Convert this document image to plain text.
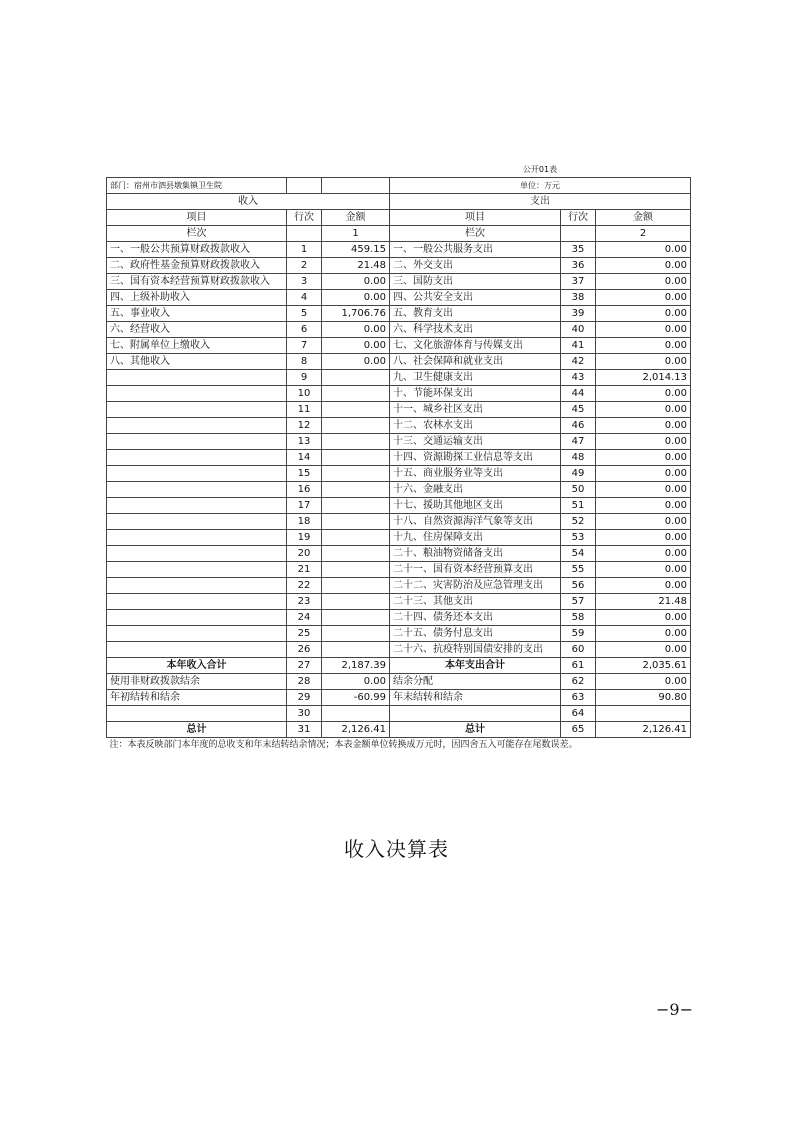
			公开01表		
部门：宿州市泗县墩集镇卫生院			单位：万元		
收入			支出		
项目	行次	金额	项目	行次	金额
栏次		1	栏次		2
一、一般公共预算财政拨款收入	1	459.15	一、一般公共服务支出	35	0.00
二、政府性基金预算财政拨款收入	2	21.48	二、外交支出	36	0.00
三、国有资本经营预算财政拨款收入	3	0.00	三、国防支出	37	0.00
四、上级补助收入	4	0.00	四、公共安全支出	38	0.00
五、事业收入	5	1,706.76	五、教育支出	39	0.00
六、经营收入	6	0.00	六、科学技术支出	40	0.00
七、附属单位上缴收入	7	0.00	七、文化旅游体育与传媒支出	41	0.00
八、其他收入	8	0.00	八、社会保障和就业支出	42	0.00
	9		九、卫生健康支出	43	2,014.13
	10		十、节能环保支出	44	0.00
	11		十一、城乡社区支出	45	0.00
	12		十二、农林水支出	46	0.00
	13		十三、交通运输支出	47	0.00
	14		十四、资源勘探工业信息等支出	48	0.00
	15		十五、商业服务业等支出	49	0.00
	16		十六、金融支出	50	0.00
	17		十七、援助其他地区支出	51	0.00
	18		十八、自然资源海洋气象等支出	52	0.00
	19		十九、住房保障支出	53	0.00
	20		二十、粮油物资储备支出	54	0.00
	21		二十一、国有资本经营预算支出	55	0.00
	22		二十二、灾害防治及应急管理支出	56	0.00
	23		二十三、其他支出	57	21.48
	24		二十四、债务还本支出	58	0.00
	25		二十五、债务付息支出	59	0.00
	26		二十六、抗疫特别国债安排的支出	60	0.00
本年收入合计	27	2,187.39	本年支出合计	61	2,035.61
使用非财政拨款结余	28	0.00	结余分配	62	0.00
年初结转和结余	29	-60.99	年末结转和结余	63	90.80
	30			64	
总计	31	2,126.41	总计	65	2,126.41
注：本表反映部门本年度的总收支和年末结转结余情况；本表金额单位转换成万元时，因四舍五入可能存在尾数误差。					
收入决算表
−9−
